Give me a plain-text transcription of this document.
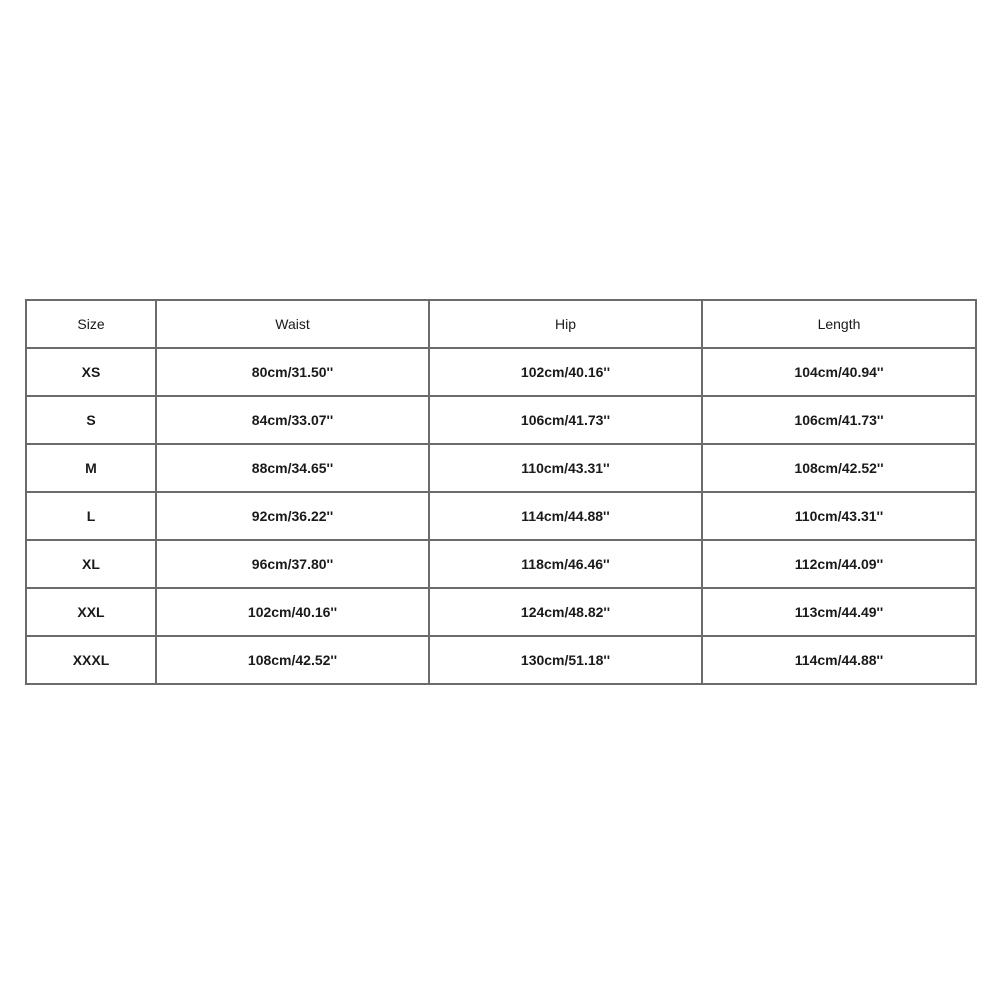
Size	Waist	Hip	Length
XS	80cm/31.50''	102cm/40.16''	104cm/40.94''
S	84cm/33.07''	106cm/41.73''	106cm/41.73''
M	88cm/34.65''	110cm/43.31''	108cm/42.52''
L	92cm/36.22''	114cm/44.88''	110cm/43.31''
XL	96cm/37.80''	118cm/46.46''	112cm/44.09''
XXL	102cm/40.16''	124cm/48.82''	113cm/44.49''
XXXL	108cm/42.52''	130cm/51.18''	114cm/44.88''
